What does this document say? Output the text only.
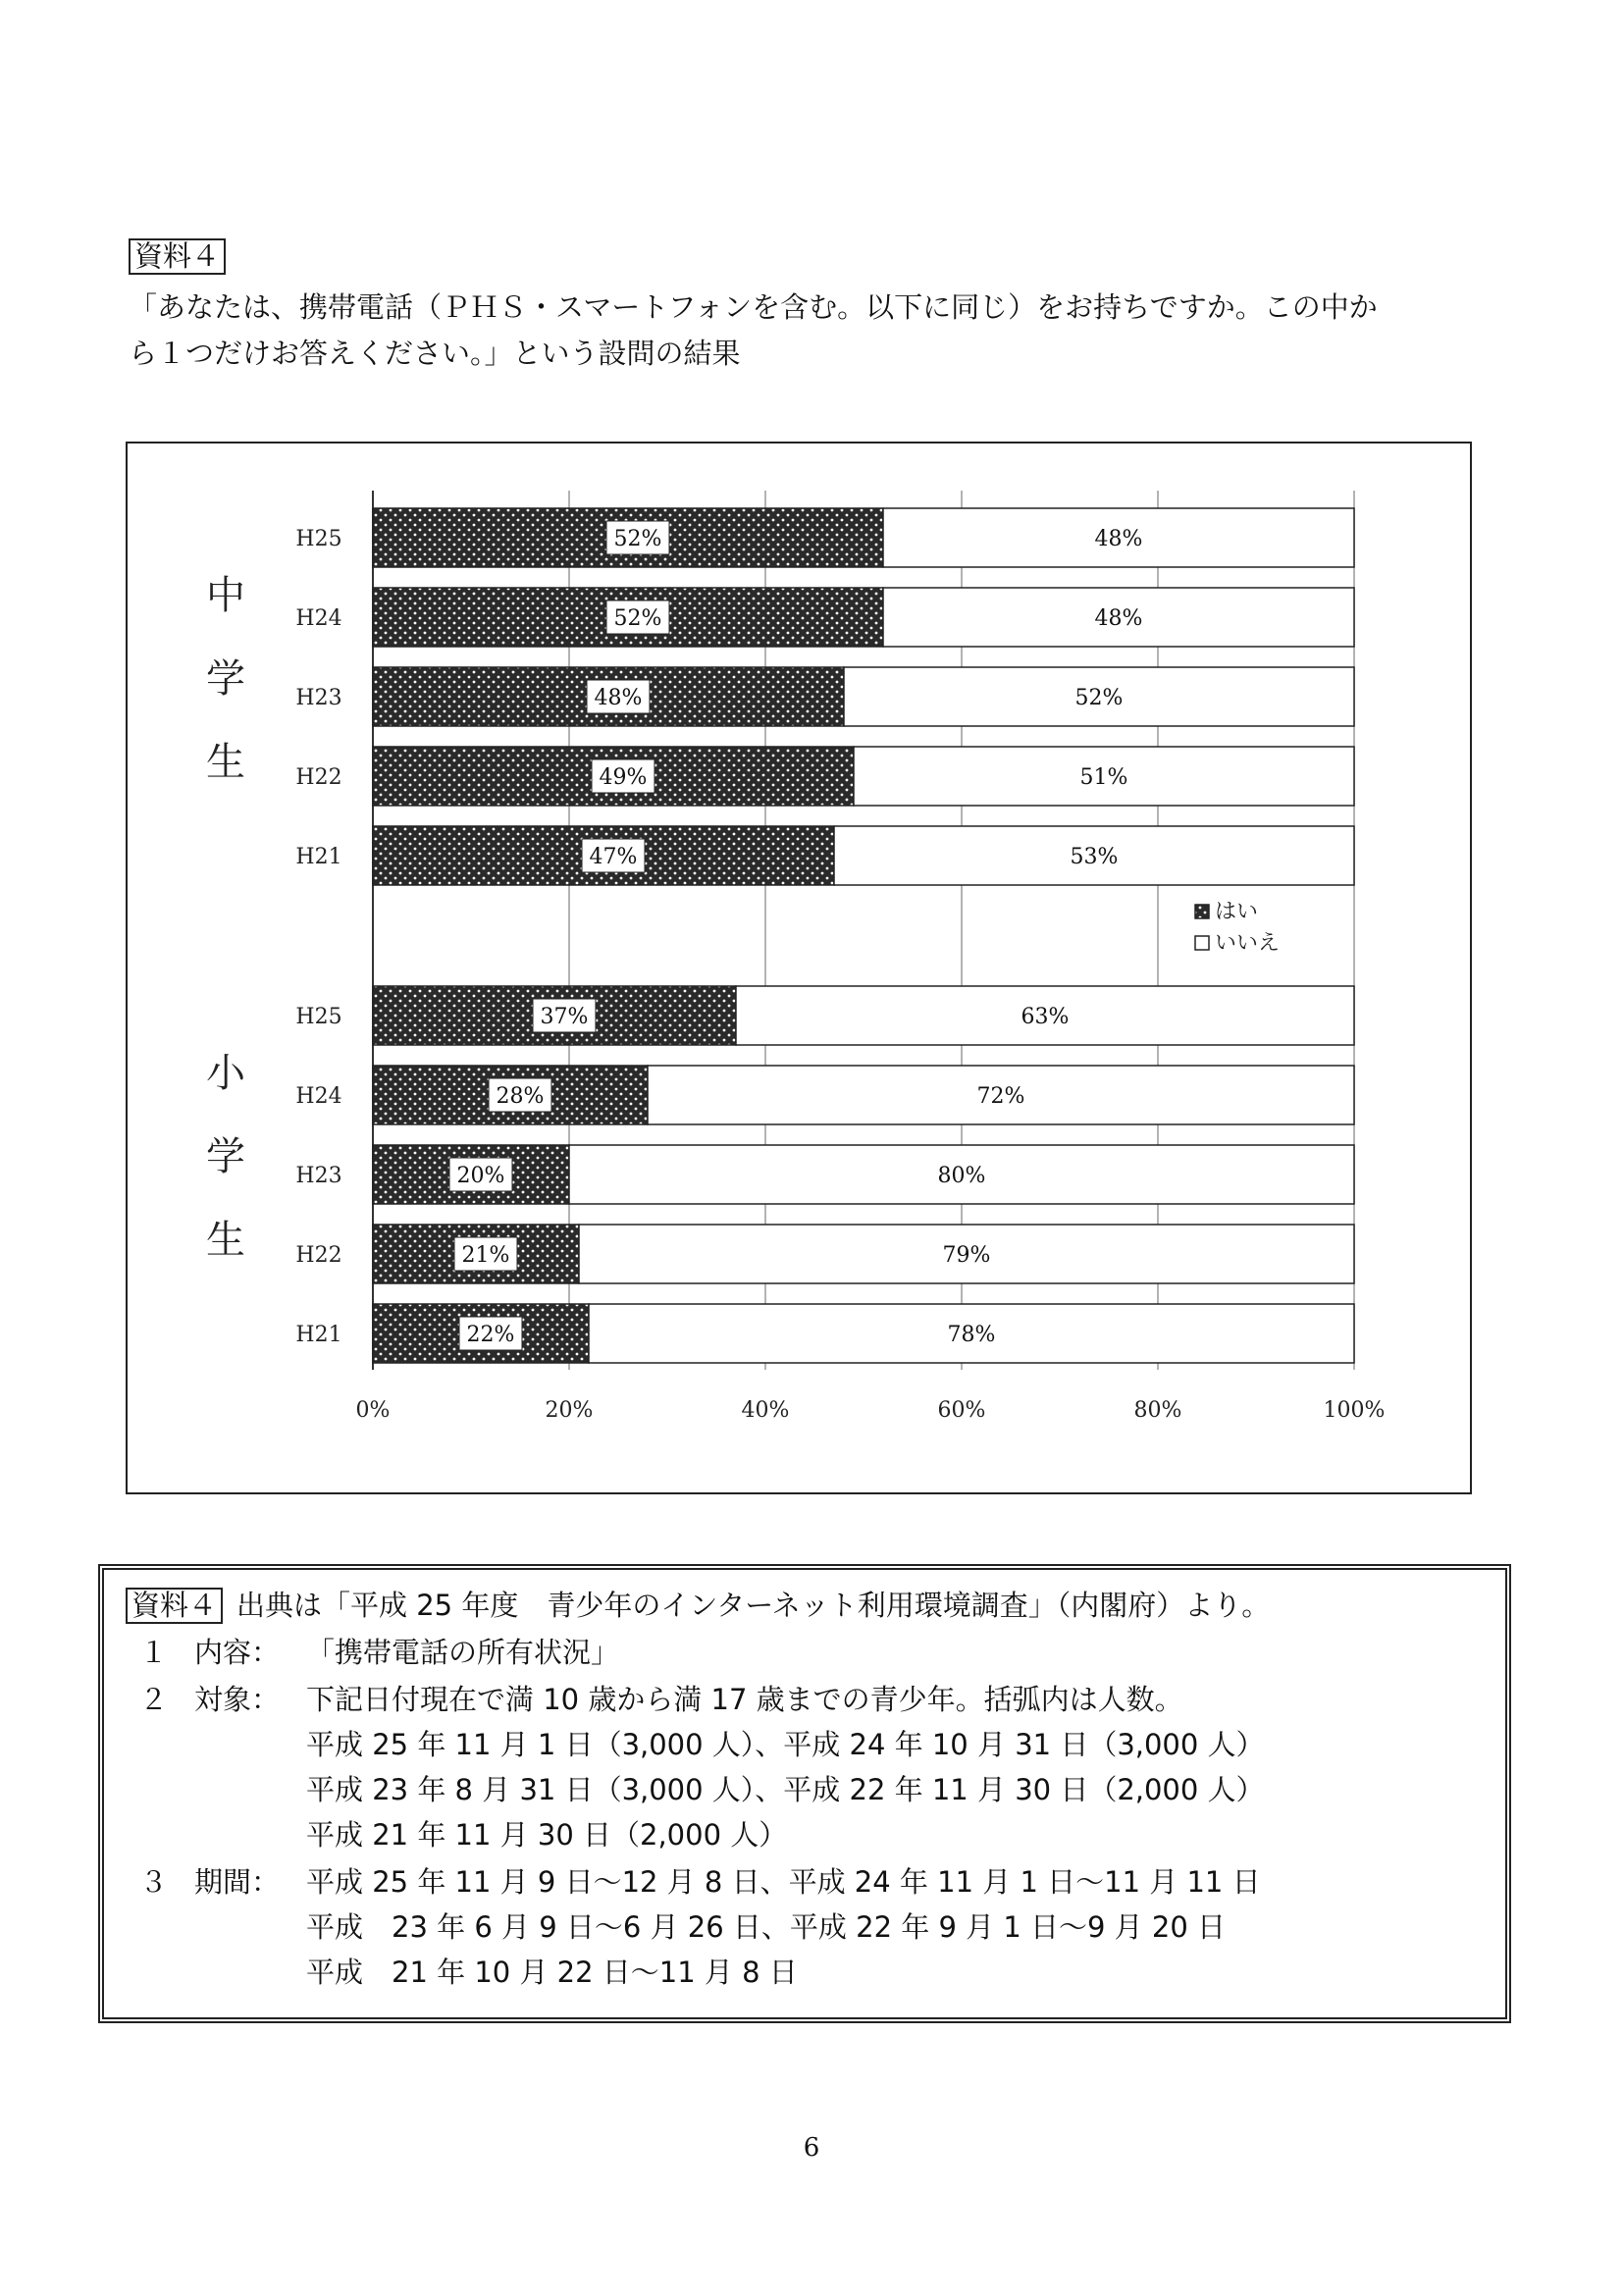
資料４
「あなたは、携帯電話（ＰＨＳ・スマートフォンを含む。以下に同じ）をお持ちですか。この中か
ら１つだけお答えください。」という設問の結果
H25	52%	48%
H24	52%	48%
H23	48%	52%
H22	49%	51%
H21	47%	53%
中
学
生
H25	37%	63%
H24	28%	72%
H23	20%	80%
H22	21%	79%
H21	22%	78%
小
学
生
0%	20%	40%	60%	80%	100%
はい
いいえ
資料４ 出典は「平成 25 年度　青少年のインターネット利用環境調査」（内閣府）より。
１ 内容： 「携帯電話の所有状況」
２ 対象： 下記日付現在で満 10 歳から満 17 歳までの青少年。括弧内は人数。
平成 25 年 11 月 1 日（3,000 人）、平成 24 年 10 月 31 日（3,000 人）
平成 23 年 8 月 31 日（3,000 人）、平成 22 年 11 月 30 日（2,000 人）
平成 21 年 11 月 30 日（2,000 人）
３ 期間： 平成 25 年 11 月 9 日～12 月 8 日、平成 24 年 11 月 1 日～11 月 11 日
平成　23 年 6 月 9 日～6 月 26 日、平成 22 年 9 月 1 日～9 月 20 日
平成　21 年 10 月 22 日～11 月 8 日
6
